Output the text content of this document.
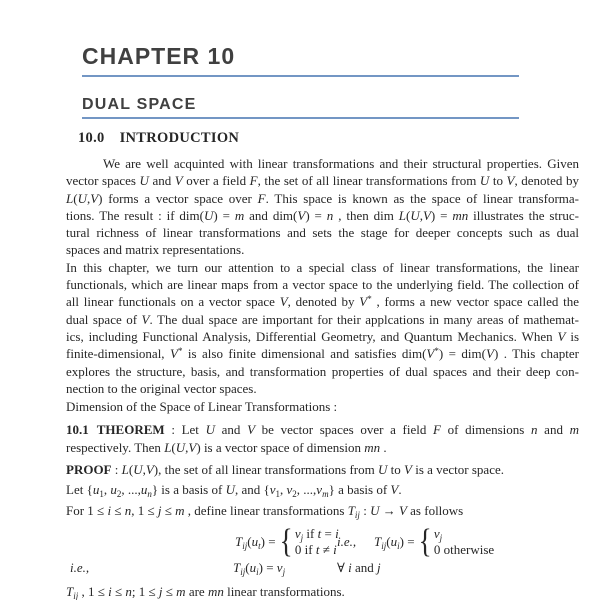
CHAPTER 10
DUAL SPACE
10.0 INTRODUCTION
We are well acquinted with linear transformations and their structural properties. Given
vector spaces U and V over a field F, the set of all linear transformations from U to V, denoted by
L(U,V) forms a vector space over F. This space is known as the space of linear transforma-
tions. The result : if dim(U) = m and dim(V) = n , then dim L(U,V) = mn illustrates the struc-
tural richness of linear transformations and sets the stage for deeper concepts such as dual
spaces and matrix representations.
In this chapter, we turn our attention to a special class of linear transformations, the linear
functionals, which are linear maps from a vector space to the underlying field. The collection of
all linear functionals on a vector space V, denoted by V* , forms a new vector space called the
dual space of V. The dual space are important for their applcations in many areas of mathemat-
ics, including Functional Analysis, Differential Geometry, and Quantum Mechanics. When V is
finite-dimensional, V* is also finite dimensional and satisfies dim(V*) = dim(V) . This chapter
explores the structure, basis, and transformation properties of dual spaces and their deep con-
nection to the original vector spaces.
Dimension of the Space of Linear Transformations :
10.1 THEOREM : Let U and V be vector spaces over a field F of dimensions n and m
respectively. Then L(U,V) is a vector space of dimension mn .
PROOF : L(U,V), the set of all linear transformations from U to V is a vector space.
Let {$u_1$, $u_2$, $...,u_n$} is a basis of U, and {$v_1$, $v_2$, $...,v_m$} a basis of V.
For 1 ≤ i ≤ n, 1 ≤ j ≤ m , define linear transformations $T_{ij}$ : U → V as follows
$T_{ij}(u_t)$ = { $v_j$ if t = i
0 if t ≠ i
i.e., $T_{ij}(u_i)$ = { $v_j$
0 otherwise
i.e.,	$T_{ij}(u_i) = v_j$	∀ i and j
$T_{ij}$ , 1 ≤ i ≤ n; 1 ≤ j ≤ m are mn linear transformations.
